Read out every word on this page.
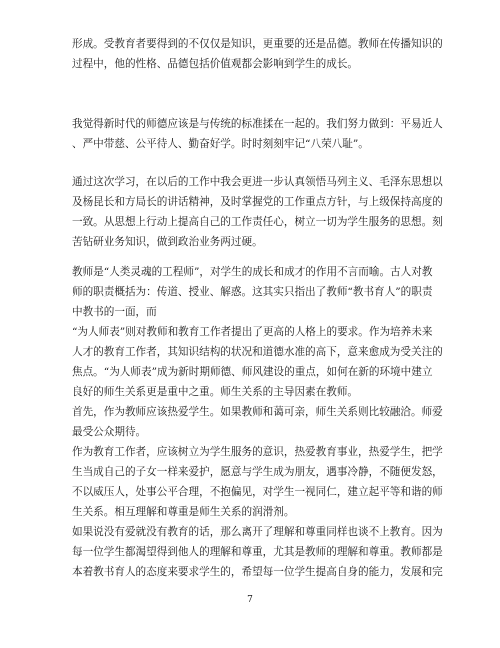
形成。受教育者要得到的不仅仅是知识，更重要的还是品德。教师在传播知识的
过程中，他的性格、品德包括价值观都会影响到学生的成长。
我觉得新时代的师德应该是与传统的标准揉在一起的。我们努力做到：平易近人
、严中带慈、公平待人、勤奋好学。时时刻刻牢记“八荣八耻”。
通过这次学习，在以后的工作中我会更进一步认真领悟马列主义、毛泽东思想以
及杨昆长和方局长的讲话精神，及时掌握党的工作重点方针，与上级保持高度的
一致。从思想上行动上提高自己的工作责任心，树立一切为学生服务的思想。刻
苦钻研业务知识，做到政治业务两过硬。
教师是“人类灵魂的工程师”，对学生的成长和成才的作用不言而喻。古人对教
师的职责概括为：传道、授业、解惑。这其实只指出了教师“教书育人”的职责
中教书的一面，而
“为人师表”则对教师和教育工作者提出了更高的人格上的要求。作为培养未来
人才的教育工作者，其知识结构的状况和道德水准的高下，意来愈成为受关注的
焦点。“为人师表”成为新时期师德、师风建设的重点，如何在新的环境中建立
良好的师生关系更是重中之重。师生关系的主导因素在教师。
首先，作为教师应该热爱学生。如果教师和蔼可亲，师生关系则比较融洽。师爱
最受公众期待。
作为教育工作者，应该树立为学生服务的意识，热爱教育事业，热爱学生，把学
生当成自己的子女一样来爱护，愿意与学生成为朋友，遇事冷静，不随便发怒，
不以威压人，处事公平合理，不抱偏见，对学生一视同仁，建立起平等和谐的师
生关系。相互理解和尊重是师生关系的润滑剂。
如果说没有爱就没有教育的话，那么离开了理解和尊重同样也谈不上教育。因为
每一位学生都渴望得到他人的理解和尊重，尤其是教师的理解和尊重。教师都是
本着教书育人的态度来要求学生的，希望每一位学生提高自身的能力，发展和完
7
